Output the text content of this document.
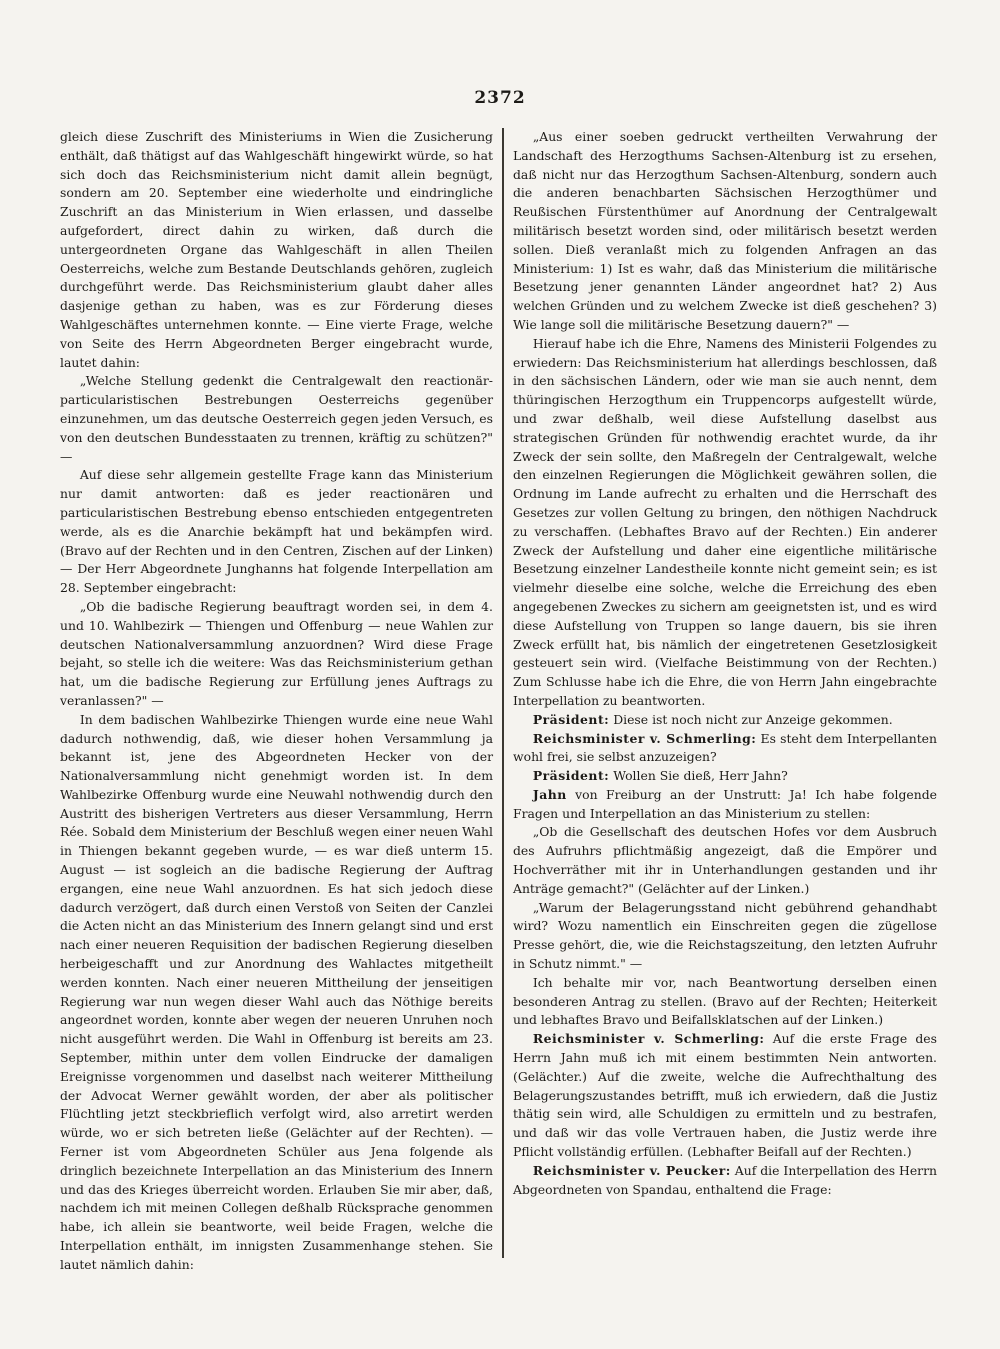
2372

gleich diese Zuschrift des Ministeriums in Wien die Zusicherung enthält, daß thätigst auf das Wahlgeschäft hingewirkt würde, so hat sich doch das Reichsministerium nicht damit allein begnügt, sondern am 20. September eine wiederholte und eindringliche Zuschrift an das Ministerium in Wien erlassen, und dasselbe aufgefordert, direct dahin zu wirken, daß durch die untergeordneten Organe das Wahlgeschäft in allen Theilen Oesterreichs, welche zum Bestande Deutschlands gehören, zugleich durchgeführt werde. Das Reichsministerium glaubt daher alles dasjenige gethan zu haben, was es zur Förderung dieses Wahlgeschäftes unternehmen konnte. — Eine vierte Frage, welche von Seite des Herrn Abgeordneten Berger eingebracht wurde, lautet dahin:

„Welche Stellung gedenkt die Centralgewalt den reactionär-particularistischen Bestrebungen Oesterreichs gegenüber einzunehmen, um das deutsche Oesterreich gegen jeden Versuch, es von den deutschen Bundesstaaten zu trennen, kräftig zu schützen?" —

Auf diese sehr allgemein gestellte Frage kann das Ministerium nur damit antworten: daß es jeder reactionären und particularistischen Bestrebung ebenso entschieden entgegentreten werde, als es die Anarchie bekämpft hat und bekämpfen wird. (Bravo auf der Rechten und in den Centren, Zischen auf der Linken) — Der Herr Abgeordnete Junghanns hat folgende Interpellation am 28. September eingebracht:

„Ob die badische Regierung beauftragt worden sei, in dem 4. und 10. Wahlbezirk — Thiengen und Offenburg — neue Wahlen zur deutschen Nationalversammlung anzuordnen? Wird diese Frage bejaht, so stelle ich die weitere: Was das Reichsministerium gethan hat, um die badische Regierung zur Erfüllung jenes Auftrags zu veranlassen?" —

In dem badischen Wahlbezirke Thiengen wurde eine neue Wahl dadurch nothwendig, daß, wie dieser hohen Versammlung ja bekannt ist, jene des Abgeordneten Hecker von der Nationalversammlung nicht genehmigt worden ist. In dem Wahlbezirke Offenburg wurde eine Neuwahl nothwendig durch den Austritt des bisherigen Vertreters aus dieser Versammlung, Herrn Rée. Sobald dem Ministerium der Beschluß wegen einer neuen Wahl in Thiengen bekannt gegeben wurde, — es war dieß unterm 15. August — ist sogleich an die badische Regierung der Auftrag ergangen, eine neue Wahl anzuordnen. Es hat sich jedoch diese dadurch verzögert, daß durch einen Verstoß von Seiten der Canzlei die Acten nicht an das Ministerium des Innern gelangt sind und erst nach einer neueren Requisition der badischen Regierung dieselben herbeigeschafft und zur Anordnung des Wahlactes mitgetheilt werden konnten. Nach einer neueren Mittheilung der jenseitigen Regierung war nun wegen dieser Wahl auch das Nöthige bereits angeordnet worden, konnte aber wegen der neueren Unruhen noch nicht ausgeführt werden. Die Wahl in Offenburg ist bereits am 23. September, mithin unter dem vollen Eindrucke der damaligen Ereignisse vorgenommen und daselbst nach weiterer Mittheilung der Advocat Werner gewählt worden, der aber als politischer Flüchtling jetzt steckbrieflich verfolgt wird, also arretirt werden würde, wo er sich betreten ließe (Gelächter auf der Rechten). — Ferner ist vom Abgeordneten Schüler aus Jena folgende als dringlich bezeichnete Interpellation an das Ministerium des Innern und das des Krieges überreicht worden. Erlauben Sie mir aber, daß, nachdem ich mit meinen Collegen deßhalb Rücksprache genommen habe, ich allein sie beantworte, weil beide Fragen, welche die Interpellation enthält, im innigsten Zusammenhange stehen. Sie lautet nämlich dahin:

„Aus einer soeben gedruckt vertheilten Verwahrung der Landschaft des Herzogthums Sachsen-Altenburg ist zu ersehen, daß nicht nur das Herzogthum Sachsen-Altenburg, sondern auch die anderen benachbarten Sächsischen Herzogthümer und Reußischen Fürstenthümer auf Anordnung der Centralgewalt militärisch besetzt worden sind, oder militärisch besetzt werden sollen. Dieß veranlaßt mich zu folgenden Anfragen an das Ministerium: 1) Ist es wahr, daß das Ministerium die militärische Besetzung jener genannten Länder angeordnet hat? 2) Aus welchen Gründen und zu welchem Zwecke ist dieß geschehen? 3) Wie lange soll die militärische Besetzung dauern?" —

Hierauf habe ich die Ehre, Namens des Ministerii Folgendes zu erwiedern: Das Reichsministerium hat allerdings beschlossen, daß in den sächsischen Ländern, oder wie man sie auch nennt, dem thüringischen Herzogthum ein Truppencorps aufgestellt würde, und zwar deßhalb, weil diese Aufstellung daselbst aus strategischen Gründen für nothwendig erachtet wurde, da ihr Zweck der sein sollte, den Maßregeln der Centralgewalt, welche den einzelnen Regierungen die Möglichkeit gewähren sollen, die Ordnung im Lande aufrecht zu erhalten und die Herrschaft des Gesetzes zur vollen Geltung zu bringen, den nöthigen Nachdruck zu verschaffen. (Lebhaftes Bravo auf der Rechten.) Ein anderer Zweck der Aufstellung und daher eine eigentliche militärische Besetzung einzelner Landestheile konnte nicht gemeint sein; es ist vielmehr dieselbe eine solche, welche die Erreichung des eben angegebenen Zweckes zu sichern am geeignetsten ist, und es wird diese Aufstellung von Truppen so lange dauern, bis sie ihren Zweck erfüllt hat, bis nämlich der eingetretenen Gesetzlosigkeit gesteuert sein wird. (Vielfache Beistimmung von der Rechten.) Zum Schlusse habe ich die Ehre, die von Herrn Jahn eingebrachte Interpellation zu beantworten.

Präsident: Diese ist noch nicht zur Anzeige gekommen.

Reichsminister v. Schmerling: Es steht dem Interpellanten wohl frei, sie selbst anzuzeigen?

Präsident: Wollen Sie dieß, Herr Jahn?

Jahn von Freiburg an der Unstrutt: Ja! Ich habe folgende Fragen und Interpellation an das Ministerium zu stellen:

„Ob die Gesellschaft des deutschen Hofes vor dem Ausbruch des Aufruhrs pflichtmäßig angezeigt, daß die Empörer und Hochverräther mit ihr in Unterhandlungen gestanden und ihr Anträge gemacht?" (Gelächter auf der Linken.)

„Warum der Belagerungsstand nicht gebührend gehandhabt wird? Wozu namentlich ein Einschreiten gegen die zügellose Presse gehört, die, wie die Reichstagszeitung, den letzten Aufruhr in Schutz nimmt." —

Ich behalte mir vor, nach Beantwortung derselben einen besonderen Antrag zu stellen. (Bravo auf der Rechten; Heiterkeit und lebhaftes Bravo und Beifallsklatschen auf der Linken.)

Reichsminister v. Schmerling: Auf die erste Frage des Herrn Jahn muß ich mit einem bestimmten Nein antworten. (Gelächter.) Auf die zweite, welche die Aufrechthaltung des Belagerungszustandes betrifft, muß ich erwiedern, daß die Justiz thätig sein wird, alle Schuldigen zu ermitteln und zu bestrafen, und daß wir das volle Vertrauen haben, die Justiz werde ihre Pflicht vollständig erfüllen. (Lebhafter Beifall auf der Rechten.)

Reichsminister v. Peucker: Auf die Interpellation des Herrn Abgeordneten von Spandau, enthaltend die Frage:
